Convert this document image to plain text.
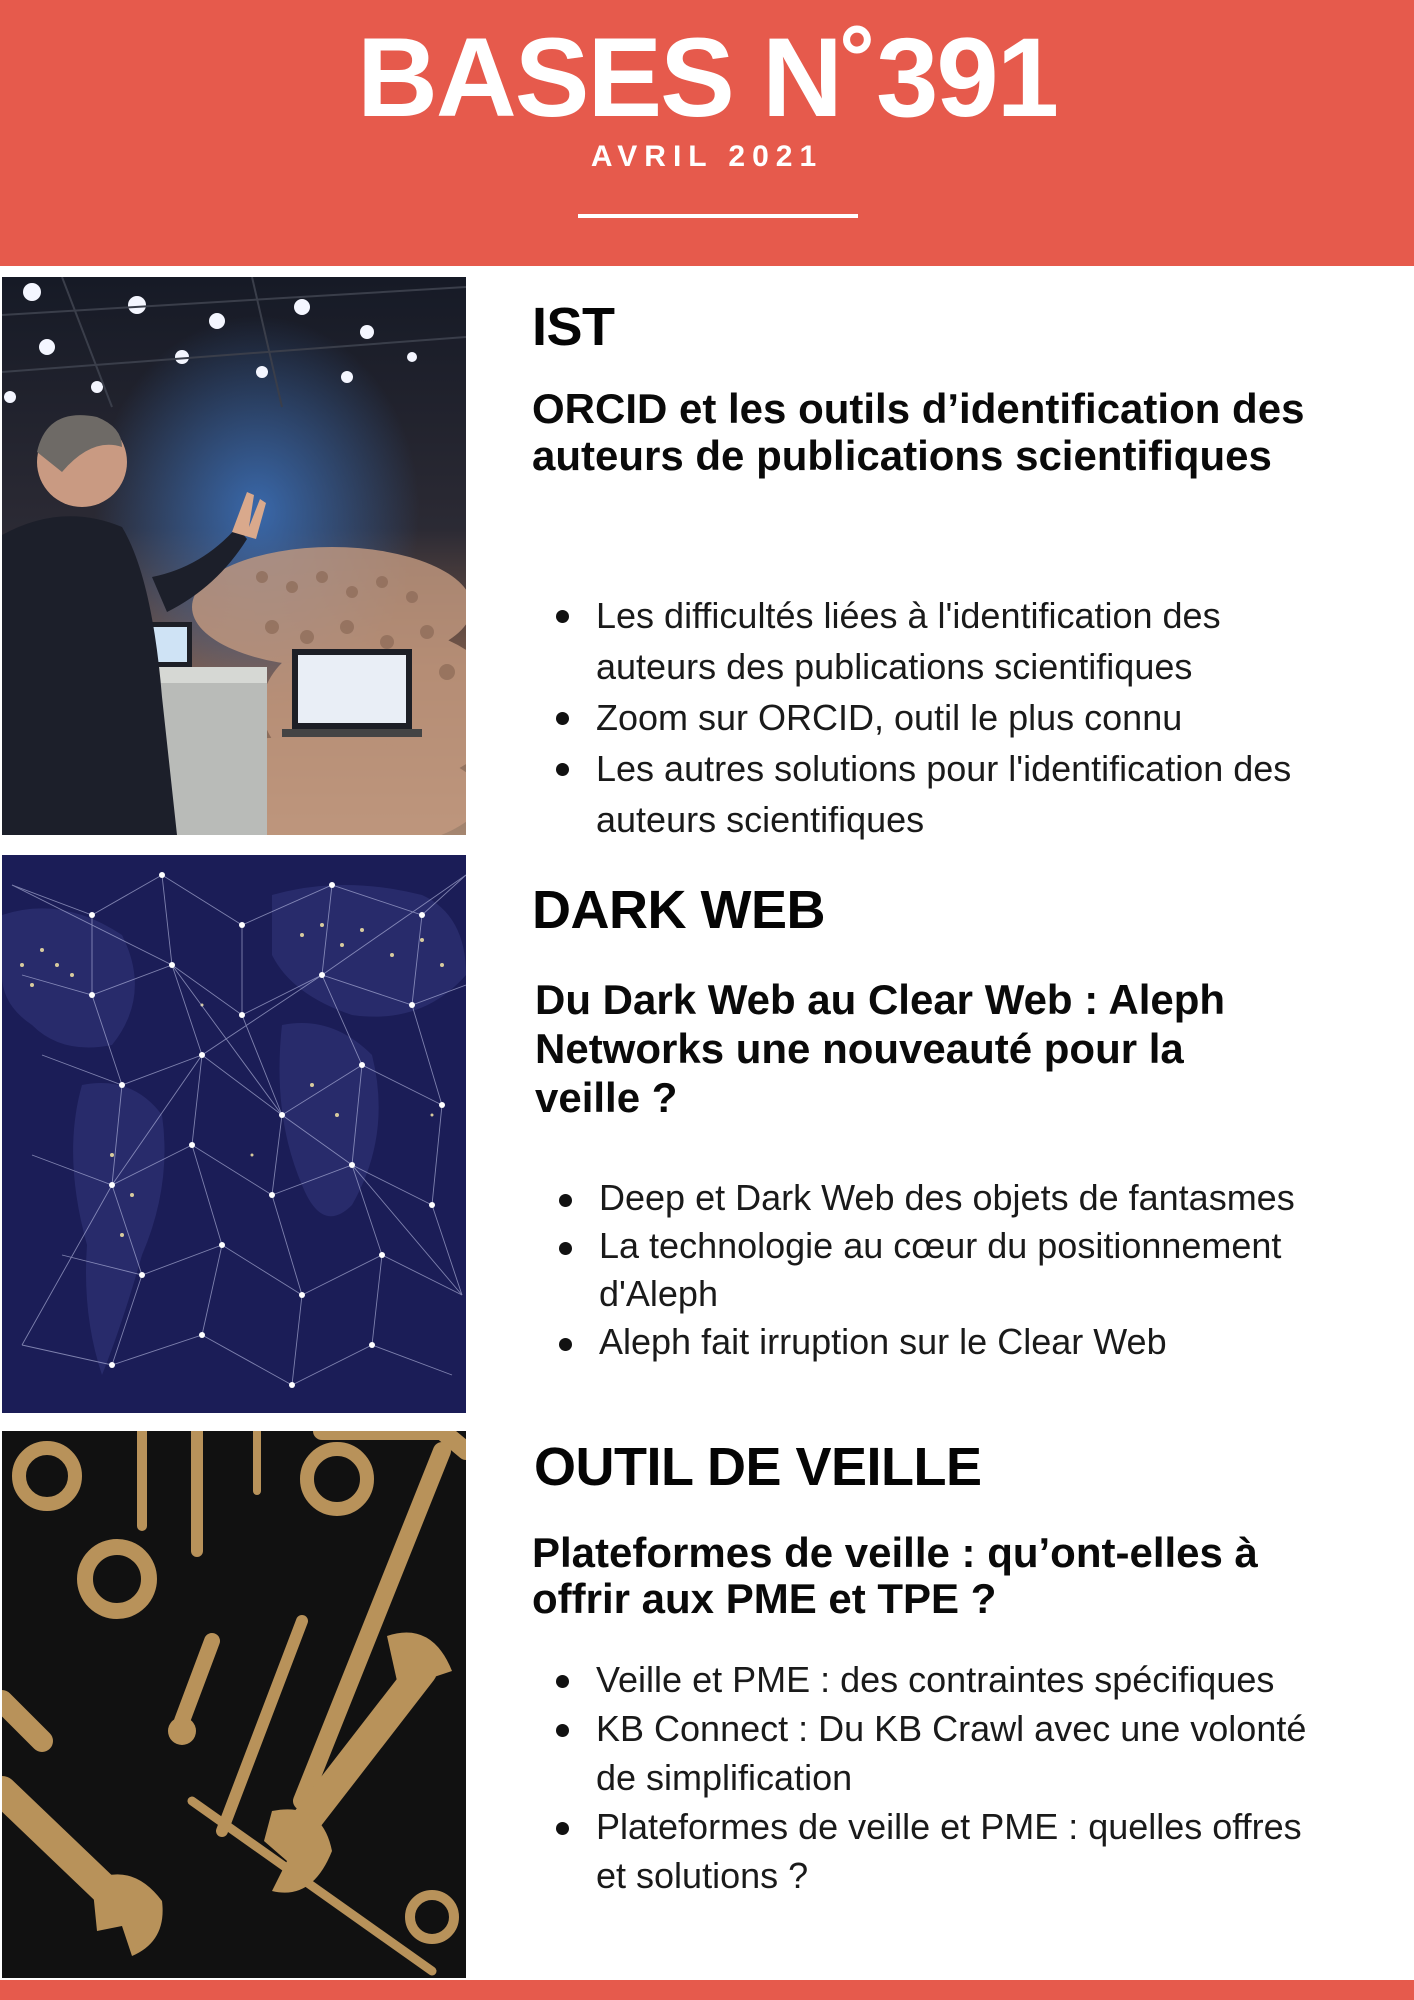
BASES N˚391
AVRIL 2021
IST
ORCID et les outils d’identification des auteurs de publications scientifiques
Les difficultés liées à l'identification des auteurs des publications scientifiques
Zoom sur ORCID, outil le plus connu
Les autres solutions pour l'identification des auteurs scientifiques
DARK WEB
Du Dark Web au Clear Web : Aleph Networks une nouveauté pour la veille ?
Deep et Dark Web des objets de fantasmes
La technologie au cœur du positionnement d'Aleph
Aleph fait irruption sur le Clear Web
OUTIL DE VEILLE
Plateformes de veille : qu’ont-elles à offrir aux PME et TPE ?
Veille et PME : des contraintes spécifiques
KB Connect : Du KB Crawl avec une volonté de simplification
Plateformes de veille et PME : quelles offres et solutions ?
